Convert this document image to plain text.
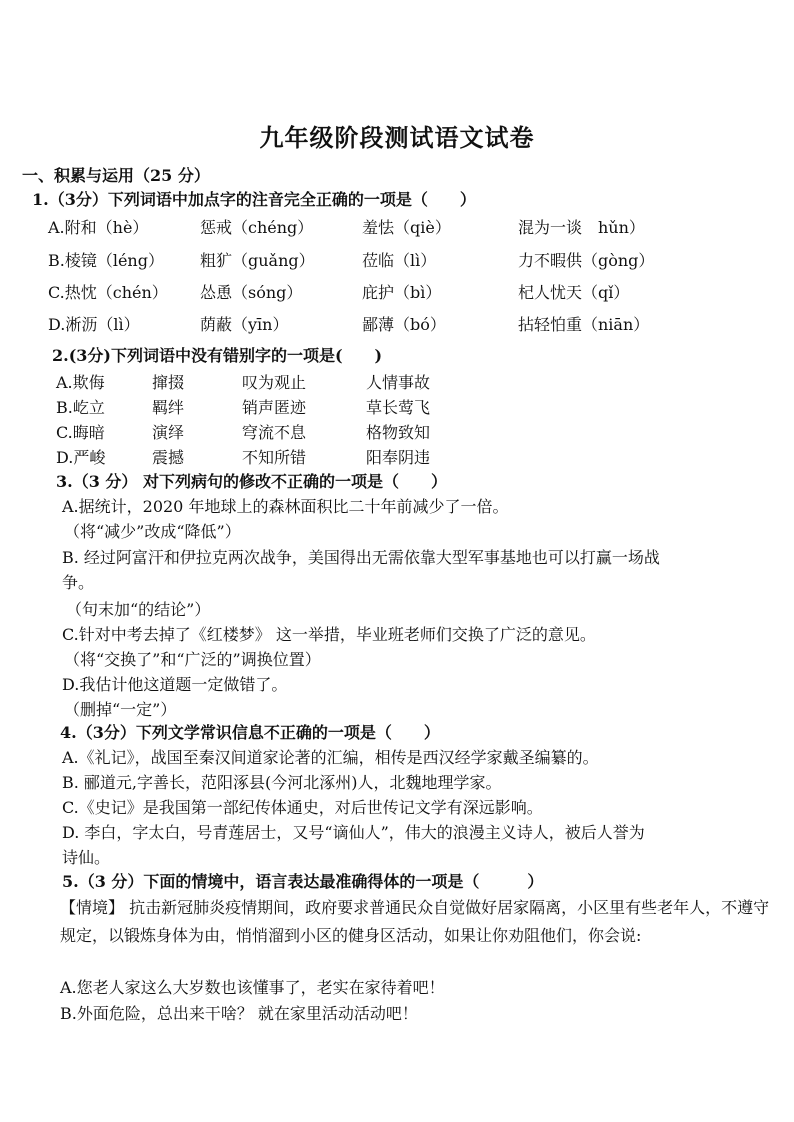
九年级阶段测试语文试卷
一、积累与运用（25 分）
1.（3分）下列词语中加点字的注音完全正确的一项是（　　）
A.附和（hè）	惩戒（chéng）	羞怯（qiè）	混为一谈　hǔn）
B.棱镜（léng） 粗犷（guǎng）	莅临（lì）	力不暇供（gòng）
C.热忱（chén） 怂恿（sóng）	庇护（bì）	杞人忧天（qǐ）
D.淅沥（lì）	荫蔽（yīn）	鄙薄（bó）	拈轻怕重（niān）
2.(3分)下列词语中没有错别字的一项是(　　)
A.欺侮	撺掇	叹为观止	人情事故
B.屹立	羁绊	销声匿迹	草长莺飞
C.晦暗	演绎	穹流不息	格物致知
D.严峻	震撼	不知所错	阳奉阴违
3.（3 分） 对下列病句的修改不正确的一项是（　　）
A.据统计，2020 年地球上的森林面积比二十年前减少了一倍。
（将“减少”改成“降低”）
B. 经过阿富汗和伊拉克两次战争，美国得出无需依靠大型军事基地也可以打赢一场战
争。
（句末加“的结论”）
C.针对中考去掉了《红楼梦》 这一举措，毕业班老师们交换了广泛的意见。
（将“交换了”和“广泛的”调换位置）
D.我估计他这道题一定做错了。
（删掉“一定”）
4.（3分）下列文学常识信息不正确的一项是（　　）
A.《礼记》，战国至秦汉间道家论著的汇编，相传是西汉经学家戴圣编纂的。
B. 郦道元,字善长，范阳涿县(今河北涿州)人，北魏地理学家。
C.《史记》是我国第一部纪传体通史，对后世传记文学有深远影响。
D. 李白，字太白，号青莲居士，又号“谪仙人”，伟大的浪漫主义诗人，被后人誉为
诗仙。
5.（3 分）下面的情境中，语言表达最准确得体的一项是（　　　）
【情境】 抗击新冠肺炎疫情期间，政府要求普通民众自觉做好居家隔离，小区里有些老年人，不遵守规定，以锻炼身体为由，悄悄溜到小区的健身区活动，如果让你劝阻他们，你会说:
A.您老人家这么大岁数也该懂事了，老实在家待着吧！
B.外面危险，总出来干啥？ 就在家里活动活动吧！
